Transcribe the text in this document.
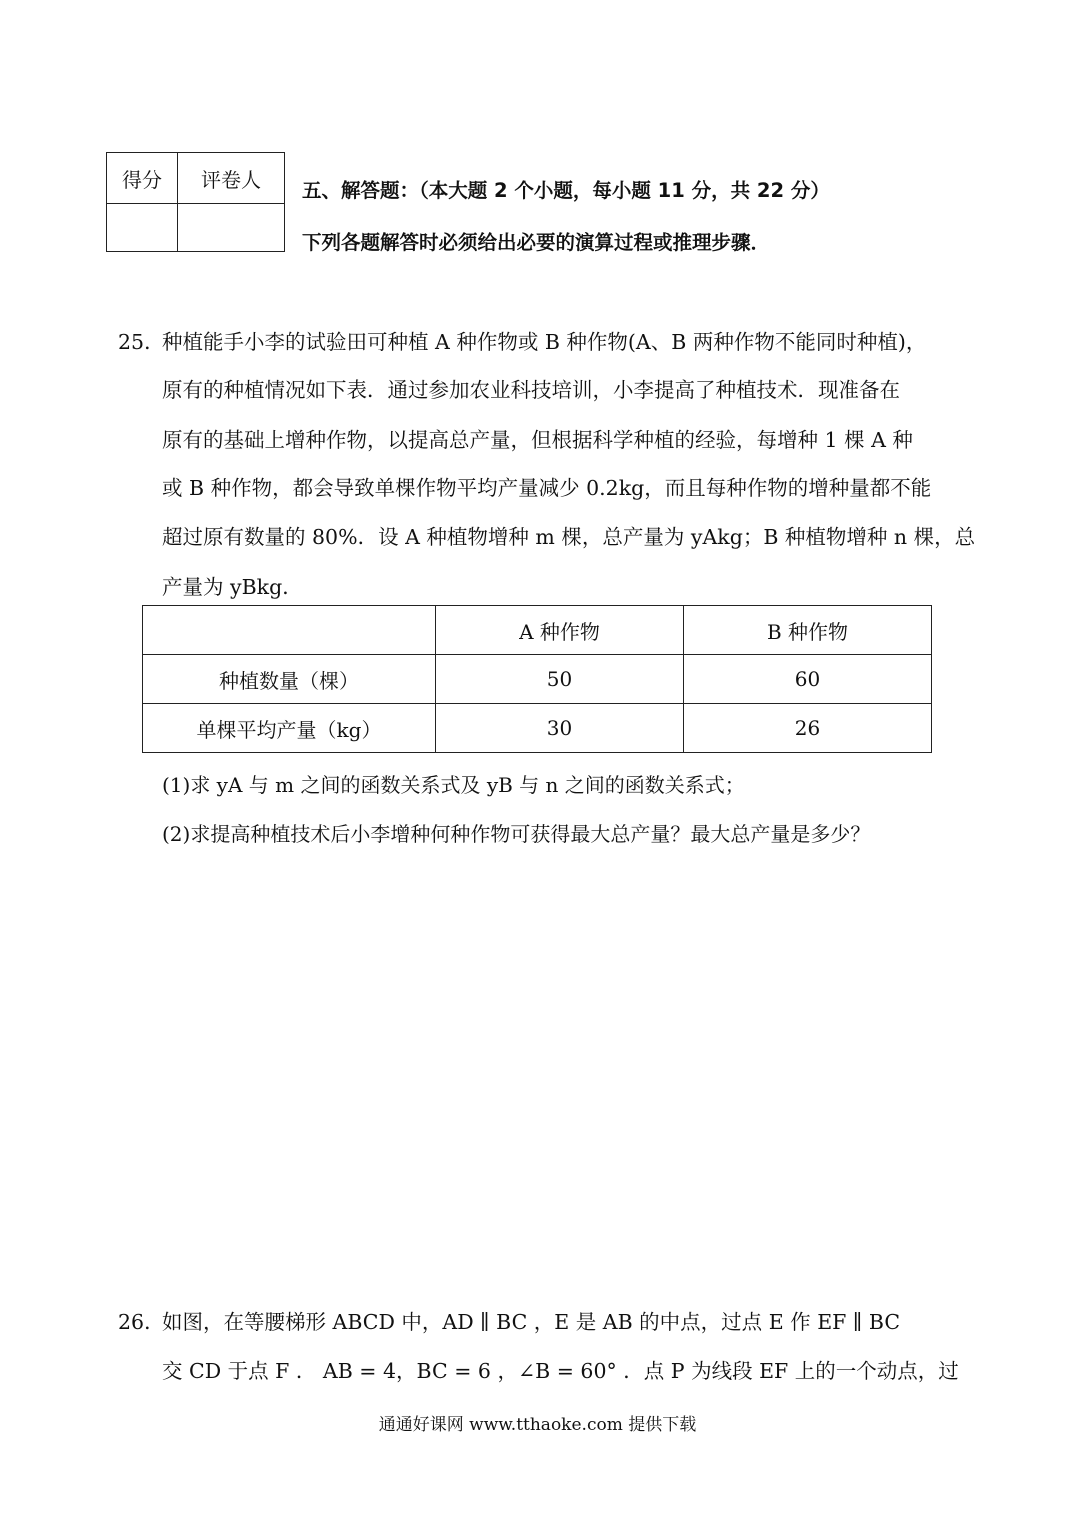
得分	评卷人
	五、解答题：（本大题 2 个小题，每小题 11 分，共 22 分）
下列各题解答时必须给出必要的演算过程或推理步骤．
25．
种植能手小李的试验田可种植 A 种作物或 B 种作物(A、B 两种作物不能同时种植)，
原有的种植情况如下表．通过参加农业科技培训，小李提高了种植技术．现准备在
原有的基础上增种作物，以提高总产量，但根据科学种植的经验，每增种 1 棵 A 种
或 B 种作物，都会导致单棵作物平均产量减少 0.2kg，而且每种作物的增种量都不能
超过原有数量的 80%．设 A 种植物增种 m 棵，总产量为 yAkg；B 种植物增种 n 棵，总
产量为 yBkg．
	A 种作物	B 种作物
种植数量（棵）	50	60
单棵平均产量（kg）	30	26
(1)求 yA 与 m 之间的函数关系式及 yB 与 n 之间的函数关系式；
(2)求提高种植技术后小李增种何种作物可获得最大总产量？最大总产量是多少？
26．
如图，在等腰梯形 ABCD 中，AD ∥ BC ，E 是 AB 的中点，过点 E 作 EF ∥ BC
交 CD 于点 F ． AB = 4，BC = 6 ，∠B = 60° ．点 P 为线段 EF 上的一个动点，过
通通好课网 www.tthaoke.com 提供下载
